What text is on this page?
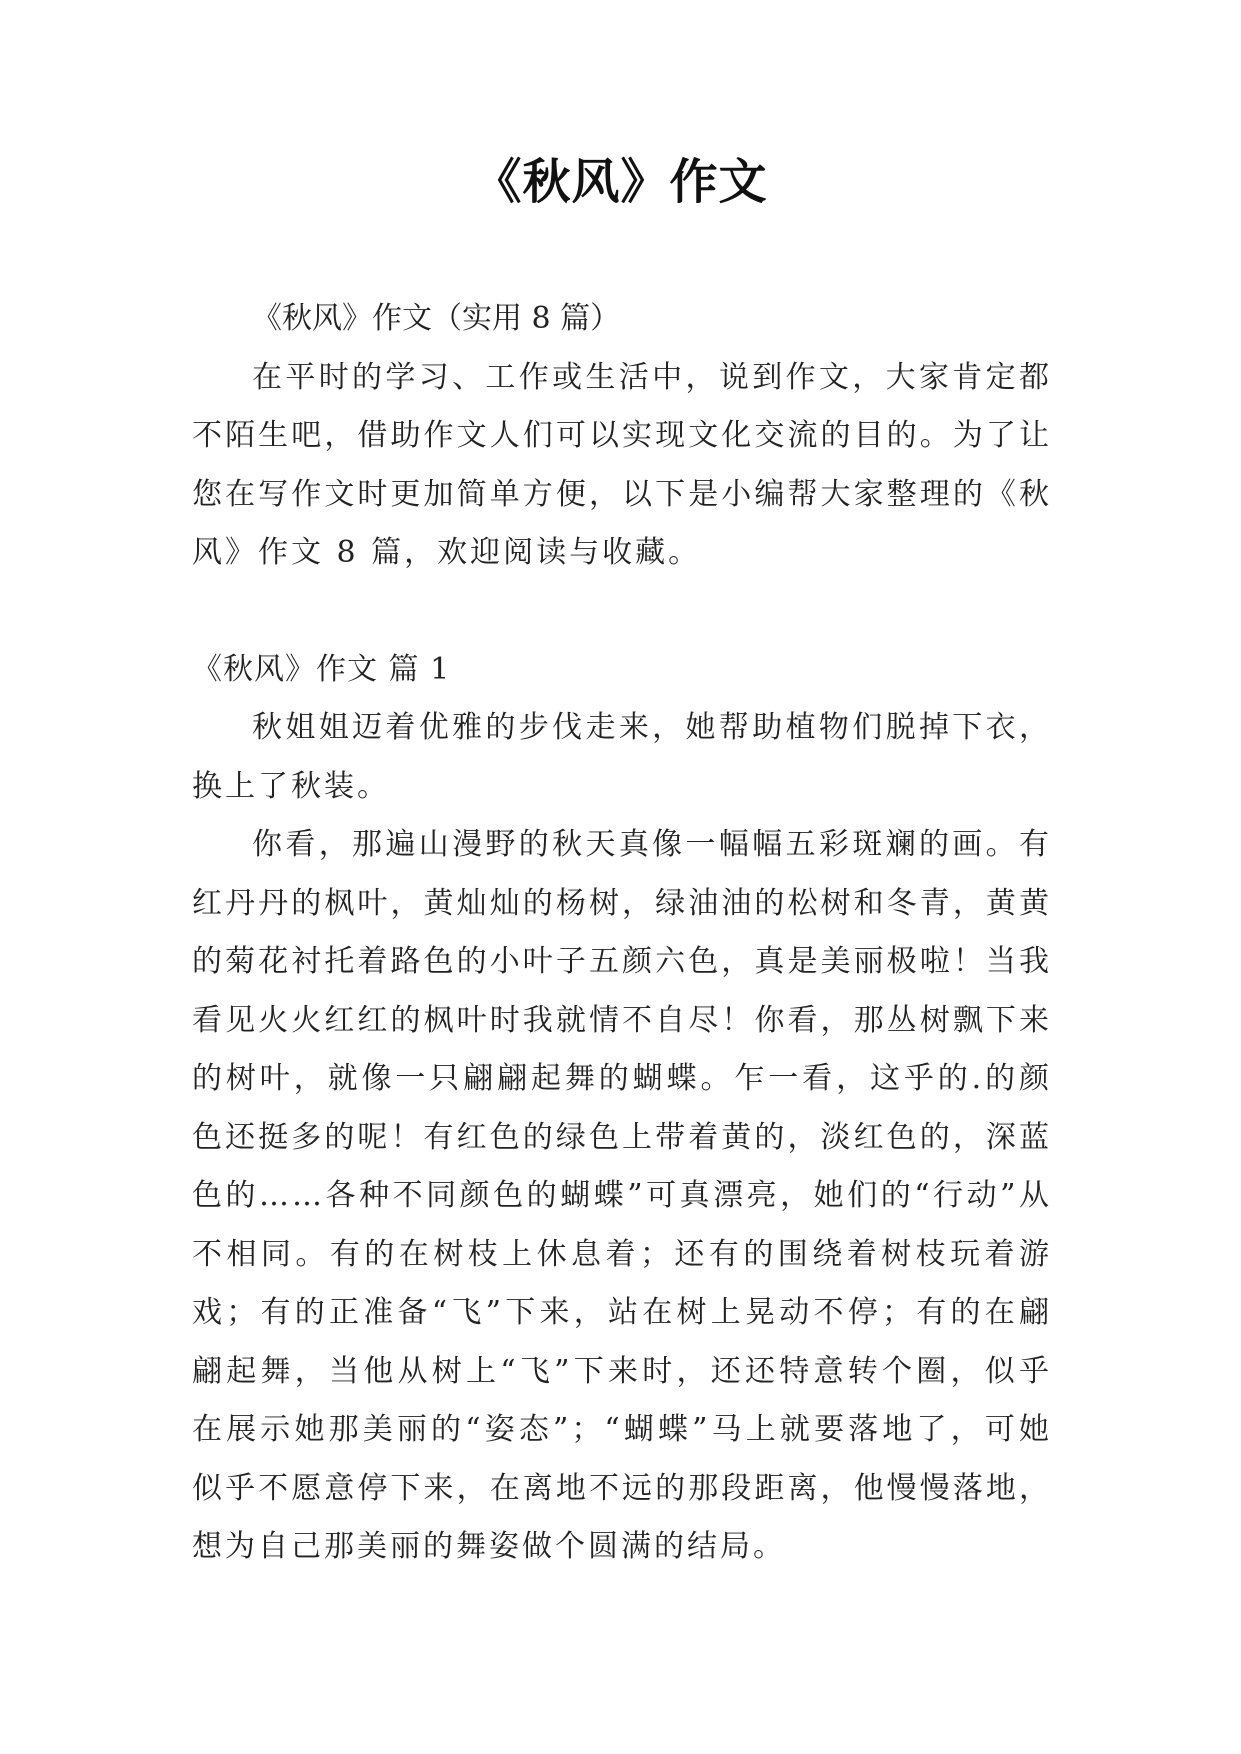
《秋风》作文

《秋风》作文（实用 8 篇）

在平时的学习、工作或生活中，说到作文，大家肯定都不陌生吧，借助作文人们可以实现文化交流的目的。为了让您在写作文时更加简单方便，以下是小编帮大家整理的《秋风》作文 8 篇，欢迎阅读与收藏。

《秋风》作文 篇 1

秋姐姐迈着优雅的步伐走来，她帮助植物们脱掉下衣，换上了秋装。

你看，那遍山漫野的秋天真像一幅幅五彩斑斓的画。有红丹丹的枫叶，黄灿灿的杨树，绿油油的松树和冬青，黄黄的菊花衬托着路色的小叶子五颜六色，真是美丽极啦！当我看见火火红红的枫叶时我就情不自尽！你看，那丛树飘下来的树叶，就像一只翩翩起舞的蝴蝶。乍一看，这乎的.的颜色还挺多的呢！有红色的绿色上带着黄的，淡红色的，深蓝色的……各种不同颜色的蝴蝶”可真漂亮，她们的“行动”从不相同。有的在树枝上休息着；还有的围绕着树枝玩着游戏；有的正准备“飞”下来，站在树上晃动不停；有的在翩翩起舞，当他从树上“飞”下来时，还还特意转个圈，似乎在展示她那美丽的“姿态”；“蝴蝶”马上就要落地了，可她似乎不愿意停下来，在离地不远的那段距离，他慢慢落地，想为自己那美丽的舞姿做个圆满的结局。
